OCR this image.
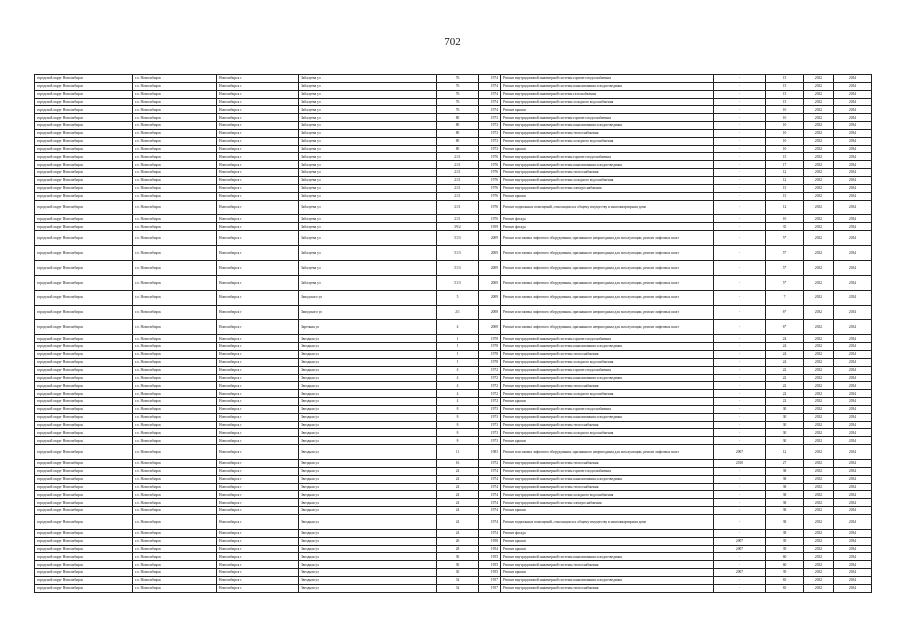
702
городской округ Новосибирск	г.о. Новосибирск	Новосибирск г	Забалуева ул	76	1974	Ремонт внутридомовой инженерной системы горячего водоснабжения	-	15	2032	2034
городской округ Новосибирск	г.о. Новосибирск	Новосибирск г	Забалуева ул	76	1974	Ремонт внутридомовой инженерной системы канализования и водоотведения	-	15	2032	2034
городской округ Новосибирск	г.о. Новосибирск	Новосибирск г	Забалуева ул	76	1974	Ремонт внутридомовой инженерной системы газоснабжения	-	15	2032	2034
городской округ Новосибирск	г.о. Новосибирск	Новосибирск г	Забалуева ул	76	1974	Ремонт внутридомовой инженерной системы холодного водоснабжения	-	15	2032	2034
городской округ Новосибирск	г.о. Новосибирск	Новосибирск г	Забалуева ул	76	1974	Ремонт крыши	-	10	2032	2034
городской округ Новосибирск	г.о. Новосибирск	Новосибирск г	Забалуева ул	80	1973	Ремонт внутридомовой инженерной системы горячего водоснабжения	-	10	2032	2034
городской округ Новосибирск	г.о. Новосибирск	Новосибирск г	Забалуева ул	80	1973	Ремонт внутридомовой инженерной системы канализования и водоотведения	-	10	2032	2034
городской округ Новосибирск	г.о. Новосибирск	Новосибирск г	Забалуева ул	80	1973	Ремонт внутридомовой инженерной системы теплоснабжения	-	10	2032	2034
городской округ Новосибирск	г.о. Новосибирск	Новосибирск г	Забалуева ул	80	1973	Ремонт внутридомовой инженерной системы холодного водоснабжения	-	10	2032	2034
городской округ Новосибирск	г.о. Новосибирск	Новосибирск г	Забалуева ул	80	1973	Ремонт крыши	-	10	2032	2034
городской округ Новосибирск	г.о. Новосибирск	Новосибирск г	Забалуева ул	21/1	1976	Ремонт внутридомовой инженерной системы горячего водоснабжения	-	15	2032	2034
городской округ Новосибирск	г.о. Новосибирск	Новосибирск г	Забалуева ул	21/1	1976	Ремонт внутридомовой инженерной системы канализования и водоотведения	-	17	2032	2034
городской округ Новосибирск	г.о. Новосибирск	Новосибирск г	Забалуева ул	21/1	1976	Ремонт внутридомовой инженерной системы теплоснабжения	-	12	2032	2034
городской округ Новосибирск	г.о. Новосибирск	Новосибирск г	Забалуева ул	21/1	1976	Ремонт внутридомовой инженерной системы холодного водоснабжения	-	12	2032	2034
городской округ Новосибирск	г.о. Новосибирск	Новосибирск г	Забалуева ул	21/1	1976	Ремонт внутридомовой инженерной системы электроснабжения	-	15	2032	2034
городской округ Новосибирск	г.о. Новосибирск	Новосибирск г	Забалуева ул	21/1	1976	Ремонт крыши	-	15	2032	2034
городской округ Новосибирск	г.о. Новосибирск	Новосибирск г	Забалуева ул	21/1	1976	Ремонт подвальных помещений, относящихся к общему имуществу в многоквартирном доме	-	12	2032	2034
городской округ Новосибирск	г.о. Новосибирск	Новосибирск г	Забалуева ул	21/1	1976	Ремонт фасада	-	10	2032	2034
городской округ Новосибирск	г.о. Новосибирск	Новосибирск г	Забалуева ул	39/2	1959	Ремонт фасада	-	35	2032	2034
городской округ Новосибирск	г.о. Новосибирск	Новосибирск г	Забалуева ул	51/3	2009	Ремонт или замена лифтового оборудования, признанного непригодным для эксплуатации, ремонт лифтовых шахт	-	5*	2032	2034
городской округ Новосибирск	г.о. Новосибирск	Новосибирск г	Забалуева ул	51/3	2009	Ремонт или замена лифтового оборудования, признанного непригодным для эксплуатации, ремонт лифтовых шахт	-	5*	2032	2034
городской округ Новосибирск	г.о. Новосибирск	Новосибирск г	Забалуева ул	51/3	2009	Ремонт или замена лифтового оборудования, признанного непригодным для эксплуатации, ремонт лифтовых шахт	-	5*	2032	2034
городской округ Новосибирск	г.о. Новосибирск	Новосибирск г	Забалуева ул	51/3	2009	Ремонт или замена лифтового оборудования, признанного непригодным для эксплуатации, ремонт лифтовых шахт	-	5*	2032	2034
городской округ Новосибирск	г.о. Новосибирск	Новосибирск г	Заводского ул	5	2009	Ремонт или замена лифтового оборудования, признанного непригодным для эксплуатации, ремонт лифтовых шахт	-	7	2032	2034
городской округ Новосибирск	г.о. Новосибирск	Новосибирск г	Заводского ул	2/1	2008	Ремонт или замена лифтового оборудования, признанного непригодным для эксплуатации, ремонт лифтовых шахт	-	6*	2032	2034
городской округ Новосибирск	г.о. Новосибирск	Новосибирск г	Заречная ул	4	2008	Ремонт или замена лифтового оборудования, признанного непригодным для эксплуатации, ремонт лифтовых шахт	-	6*	2032	2034
городской округ Новосибирск	г.о. Новосибирск	Новосибирск г	Звездная ул	1	1978	Ремонт внутридомовой инженерной системы горячего водоснабжения	-	24	2032	2034
городской округ Новосибирск	г.о. Новосибирск	Новосибирск г	Звездная ул	1	1978	Ремонт внутридомовой инженерной системы канализования и водоотведения	-	24	2032	2034
городской округ Новосибирск	г.о. Новосибирск	Новосибирск г	Звездная ул	1	1978	Ремонт внутридомовой инженерной системы теплоснабжения	-	24	2032	2034
городской округ Новосибирск	г.о. Новосибирск	Новосибирск г	Звездная ул	1	1978	Ремонт внутридомовой инженерной системы холодного водоснабжения	-	24	2032	2034
городской округ Новосибирск	г.о. Новосибирск	Новосибирск г	Звездная ул	4	1972	Ремонт внутридомовой инженерной системы горячего водоснабжения	-	22	2032	2034
городской округ Новосибирск	г.о. Новосибирск	Новосибирск г	Звездная ул	4	1972	Ремонт внутридомовой инженерной системы канализования и водоотведения	-	22	2032	2034
городской округ Новосибирск	г.о. Новосибирск	Новосибирск г	Звездная ул	4	1972	Ремонт внутридомовой инженерной системы теплоснабжения	-	22	2032	2034
городской округ Новосибирск	г.о. Новосибирск	Новосибирск г	Звездная ул	4	1972	Ремонт внутридомовой инженерной системы холодного водоснабжения	-	22	2032	2034
городской округ Новосибирск	г.о. Новосибирск	Новосибирск г	Звездная ул	4	1972	Ремонт крыши	-	22	2032	2034
городской округ Новосибирск	г.о. Новосибирск	Новосибирск г	Звездная ул	8	1973	Ремонт внутридомовой инженерной системы горячего водоснабжения	-	30	2032	2034
городской округ Новосибирск	г.о. Новосибирск	Новосибирск г	Звездная ул	8	1973	Ремонт внутридомовой инженерной системы канализования и водоотведения	-	30	2032	2034
городской округ Новосибирск	г.о. Новосибирск	Новосибирск г	Звездная ул	8	1973	Ремонт внутридомовой инженерной системы теплоснабжения	-	30	2032	2034
городской округ Новосибирск	г.о. Новосибирск	Новосибирск г	Звездная ул	8	1973	Ремонт внутридомовой инженерной системы холодного водоснабжения	-	30	2032	2034
городской округ Новосибирск	г.о. Новосибирск	Новосибирск г	Звездная ул	8	1973	Ремонт крыши	-	30	2032	2034
городской округ Новосибирск	г.о. Новосибирск	Новосибирск г	Звездная ул	11	1983	Ремонт или замена лифтового оборудования, признанного непригодным для эксплуатации, ремонт лифтовых шахт	2007	12	2032	2034
городской округ Новосибирск	г.о. Новосибирск	Новосибирск г	Звездная ул	16	1972	Ремонт внутридомовой инженерной системы теплоснабжения	2010	27	2032	2034
городской округ Новосибирск	г.о. Новосибирск	Новосибирск г	Звездная ул	24	1974	Ремонт внутридомовой инженерной системы горячего водоснабжения	-	38	2032	2034
городской округ Новосибирск	г.о. Новосибирск	Новосибирск г	Звездная ул	24	1974	Ремонт внутридомовой инженерной системы канализования и водоотведения	-	38	2032	2034
городской округ Новосибирск	г.о. Новосибирск	Новосибирск г	Звездная ул	24	1974	Ремонт внутридомовой инженерной системы теплоснабжения	-	38	2032	2034
городской округ Новосибирск	г.о. Новосибирск	Новосибирск г	Звездная ул	24	1974	Ремонт внутридомовой инженерной системы холодного водоснабжения	-	38	2032	2034
городской округ Новосибирск	г.о. Новосибирск	Новосибирск г	Звездная ул	24	1974	Ремонт внутридомовой инженерной системы электроснабжения	-	38	2032	2034
городской округ Новосибирск	г.о. Новосибирск	Новосибирск г	Звездная ул	24	1974	Ремонт крыши	-	38	2032	2034
городской округ Новосибирск	г.о. Новосибирск	Новосибирск г	Звездная ул	24	1974	Ремонт подвальных помещений, относящихся к общему имуществу в многоквартирном доме	-	38	2032	2034
городской округ Новосибирск	г.о. Новосибирск	Новосибирск г	Звездная ул	24	1974	Ремонт фасада	-	38	2032	2034
городской округ Новосибирск	г.о. Новосибирск	Новосибирск г	Звездная ул	26	1958	Ремонт крыши	2007	39	2032	2034
городской округ Новосибирск	г.о. Новосибирск	Новосибирск г	Звездная ул	28	1954	Ремонт крыши	2007	39	2032	2034
городской округ Новосибирск	г.о. Новосибирск	Новосибирск г	Звездная ул	30	1955	Ремонт внутридомовой инженерной системы канализования и водоотведения	-	60	2032	2034
городской округ Новосибирск	г.о. Новосибирск	Новосибирск г	Звездная ул	30	1955	Ремонт внутридомовой инженерной системы теплоснабжения	-	60	2032	2034
городской округ Новосибирск	г.о. Новосибирск	Новосибирск г	Звездная ул	30	1955	Ремонт крыши	2007	39	2032	2034
городской округ Новосибирск	г.о. Новосибирск	Новосибирск г	Звездная ул	32	1957	Ремонт внутридомовой инженерной системы канализования и водоотведения	-	65	2032	2034
городской округ Новосибирск	г.о. Новосибирск	Новосибирск г	Звездная ул	32	1957	Ремонт внутридомовой инженерной системы теплоснабжения	-	65	2032	2034
